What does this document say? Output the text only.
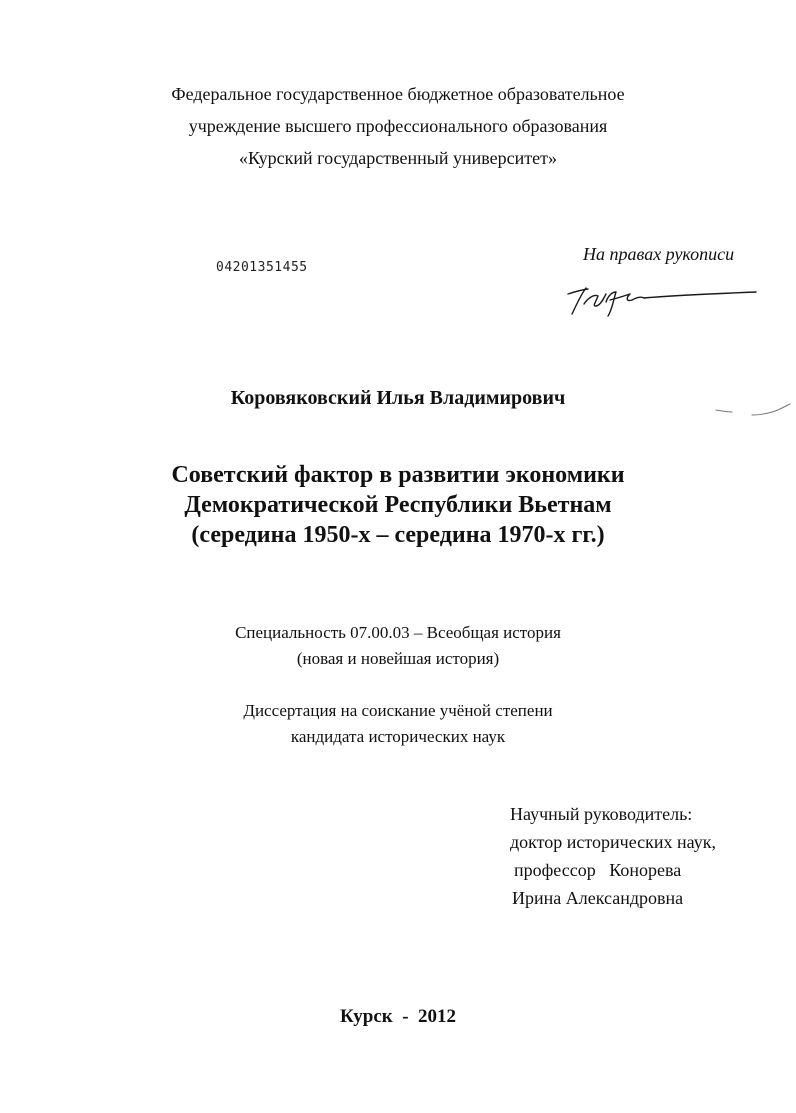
Федеральное государственное бюджетное образовательное
учреждение высшего профессионального образования
«Курский государственный университет»
04201351455
На правах рукописи
Коровяковский Илья Владимирович
Советский фактор в развитии экономики
Демократической Республики Вьетнам
(середина 1950-х – середина 1970-х гг.)
Специальность 07.00.03 – Всеобщая история
(новая и новейшая история)
Диссертация на соискание учёной степени
кандидата исторических наук
Научный руководитель:
доктор исторических наук,
профессор   Конорева
Ирина Александровна
Курск  -  2012
